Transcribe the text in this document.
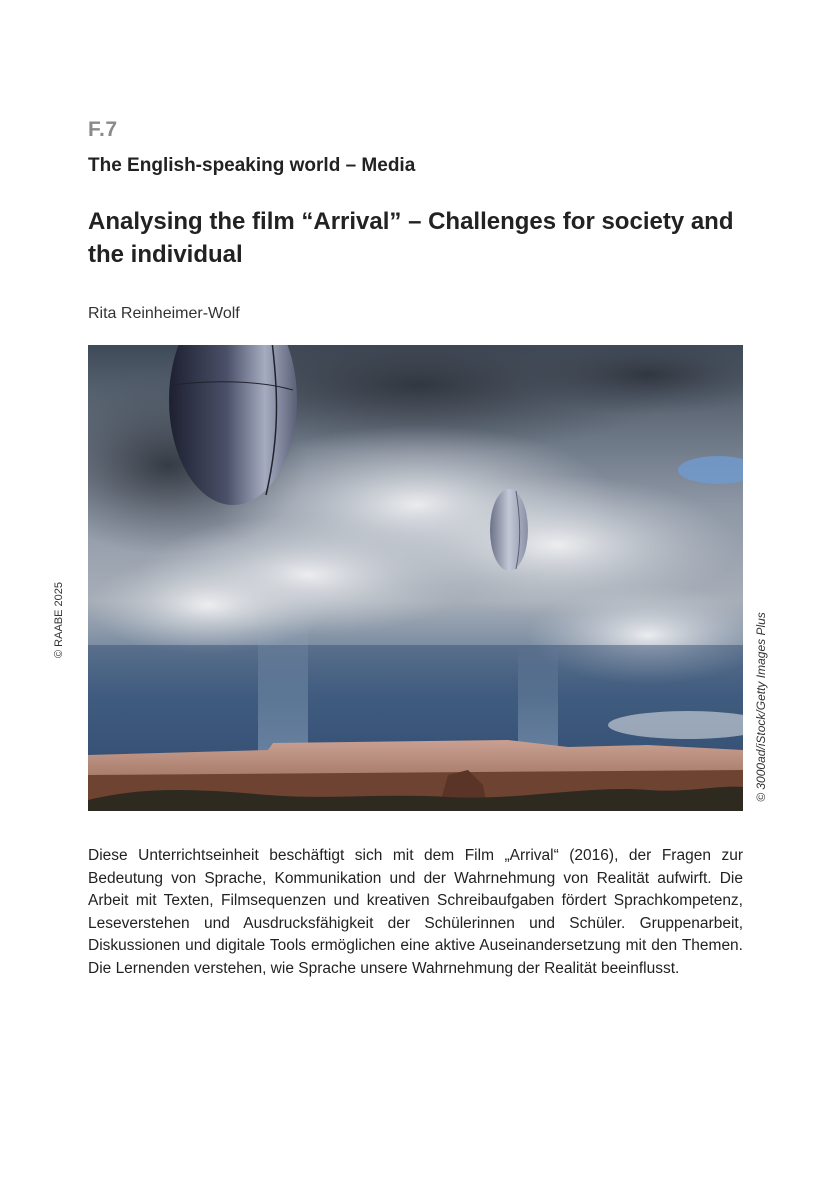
F.7
The English-speaking world – Media
Analysing the film “Arrival” – Challenges for society and the individual
Rita Reinheimer-Wolf
© RAABE 2025	© 3000ad/iStock/Getty Images Plus

Diese Unterrichtseinheit beschäftigt sich mit dem Film „Arrival“ (2016), der Fragen zur Bedeutung von Sprache, Kommunikation und der Wahrnehmung von Realität aufwirft. Die Arbeit mit Texten, Filmsequenzen und kreativen Schreibaufgaben fördert Sprachkompetenz, Leseverstehen und Ausdrucksfähigkeit der Schülerinnen und Schüler. Gruppenarbeit, Diskussionen und digitale Tools ermöglichen eine aktive Auseinandersetzung mit den Themen. Die Lernenden verstehen, wie Sprache unsere Wahrnehmung der Realität beeinflusst.
